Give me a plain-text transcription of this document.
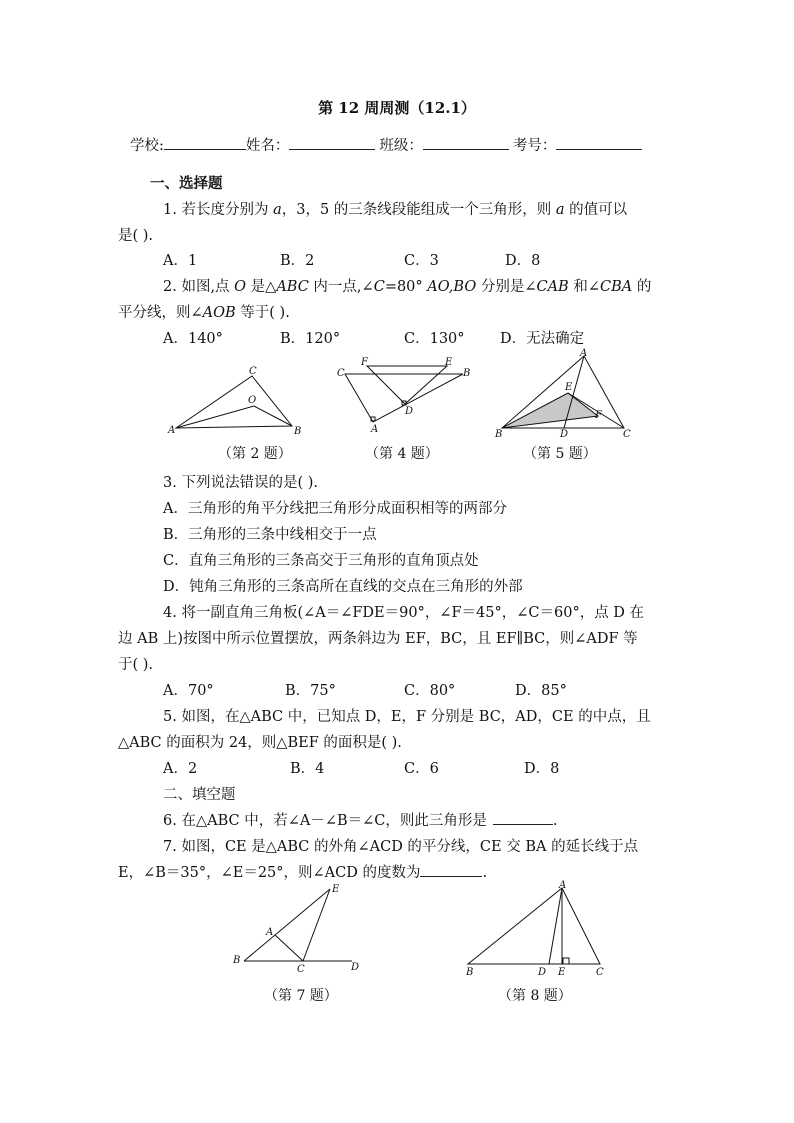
第 12 周周测（12.1）
学校:	姓名：	班级：	考号：
一、选择题
1. 若长度分别为 a，3，5 的三条线段能组成一个三角形，则 a 的值可以
是( ).
A．1	B．2	C．3	D．8
2. 如图,点 O 是△ABC 内一点,∠C=80° AO,BO 分别是∠CAB 和∠CBA 的
平分线，则∠AOB 等于( ).
A．140°	B．120°	C．130° D．无法确定
A	B
C
O
（第 2 题）
C
F	E
B
D
A
（第 4 题）
A
E
F
B	D	C
（第 5 题）
3. 下列说法错误的是( ).
A．三角形的角平分线把三角形分成面积相等的两部分
B．三角形的三条中线相交于一点
C．直角三角形的三条高交于三角形的直角顶点处
D．钝角三角形的三条高所在直线的交点在三角形的外部
4. 将一副直角三角板(∠A＝∠FDE＝90°，∠F＝45°，∠C＝60°，点 D 在
边 AB 上)按图中所示位置摆放，两条斜边为 EF，BC，且 EF∥BC，则∠ADF 等
于( ).
A．70°	B．75°	C．80°	D．85°
5. 如图，在△ABC 中，已知点 D，E，F 分别是 BC，AD，CE 的中点，且
△ABC 的面积为 24，则△BEF 的面积是( ).
A．2	B．4	C．6	D．8
二、填空题
6. 在△ABC 中，若∠A－∠B＝∠C，则此三角形是	.
7. 如图，CE 是△ABC 的外角∠ACD 的平分线，CE 交 BA 的延长线于点
E，∠B＝35°，∠E＝25°，则∠ACD 的度数为	.
E
A
B
C	D
（第 7 题）
A
B	D E	C
（第 8 题）
